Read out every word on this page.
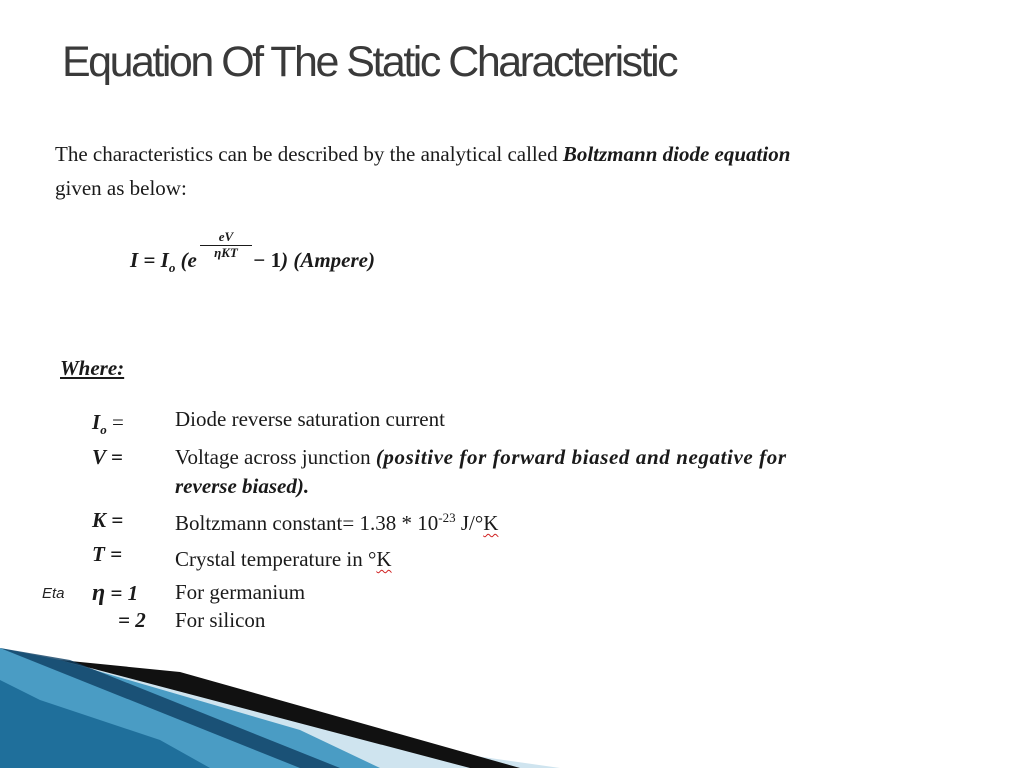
Equation Of The Static Characteristic
The characteristics can be described by the analytical called Boltzmann diode equation
given as below:
$I = I_o$ (e
eV
ηKT − 1) (Ampere)
Where:
$I_o$ = Diode reverse saturation current
V = Voltage across junction (positive for forward biased and negative for
reverse biased).
K = Boltzmann constant= $1.38 * 10^{-23}$ J/°K
T =	Crystal temperature in °K
Eta η = 1 For germanium
= 2 For silicon
